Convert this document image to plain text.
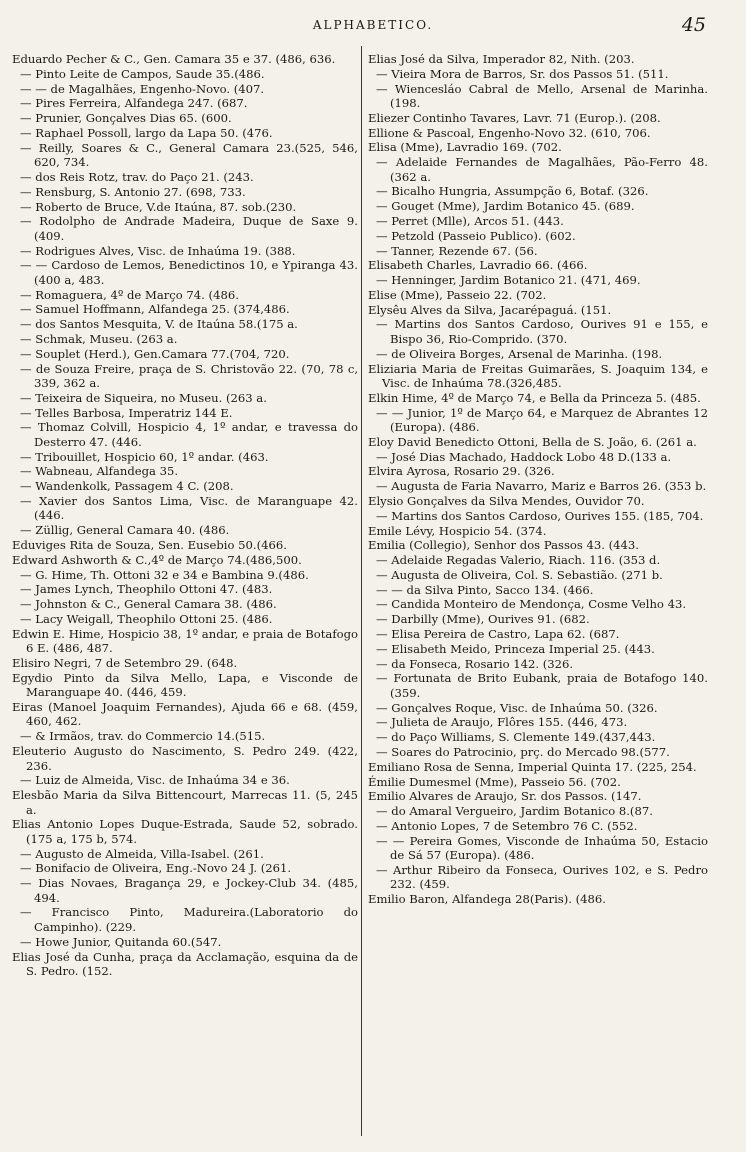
ALPHABETICO.	45

Eduardo Pecher & C., Gen. Camara 35 e 37. (486, 636.

— Pinto Leite de Campos, Saude 35.(486.

— — de Magalhães, Engenho-Novo. (407.

— Pires Ferreira, Alfandega 247. (687.

— Prunier, Gonçalves Dias 65. (600.

— Raphael Possoll, largo da Lapa 50. (476.

— Reilly, Soares & C., General Camara 23.(525, 546, 620, 734.

— dos Reis Rotz, trav. do Paço 21. (243.

— Rensburg, S. Antonio 27. (698, 733.

— Roberto de Bruce, V.de Itaúna, 87. sob.(230.

— Rodolpho de Andrade Madeira, Duque de Saxe 9. (409.

— Rodrigues Alves, Visc. de Inhaúma 19. (388.

— — Cardoso de Lemos, Benedictinos 10, e Ypiranga 43. (400 a, 483.

— Romaguera, 4º de Março 74. (486.

— Samuel Hoffmann, Alfandega 25. (374,486.

— dos Santos Mesquita, V. de Itaúna 58.(175 a.

— Schmak, Museu. (263 a.

— Souplet (Herd.), Gen.Camara 77.(704, 720.

— de Souza Freire, praça de S. Christovão 22. (70, 78 c, 339, 362 a.

— Teixeira de Siqueira, no Museu. (263 a.

— Telles Barbosa, Imperatriz 144 E.

— Thomaz Colvill, Hospicio 4, 1º andar, e travessa do Desterro 47. (446.

— Tribouillet, Hospicio 60, 1º andar. (463.

— Wabneau, Alfandega 35.

— Wandenkolk, Passagem 4 C. (208.

— Xavier dos Santos Lima, Visc. de Maranguape 42. (446.

— Züllig, General Camara 40. (486.

Eduviges Rita de Souza, Sen. Eusebio 50.(466.

Edward Ashworth & C.,4º de Março 74.(486,500.

— G. Hime, Th. Ottoni 32 e 34 e Bambina 9.(486.

— James Lynch, Theophilo Ottoni 47. (483.

— Johnston & C., General Camara 38. (486.

— Lacy Weigall, Theophilo Ottoni 25. (486.

Edwin E. Hime, Hospicio 38, 1º andar, e praia de Botafogo 6 E. (486, 487.

Elisiro Negri, 7 de Setembro 29. (648.

Egydio Pinto da Silva Mello, Lapa, e Visconde de Maranguape 40. (446, 459.

Eiras (Manoel Joaquim Fernandes), Ajuda 66 e 68. (459, 460, 462.

— & Irmãos, trav. do Commercio 14.(515.

Eleuterio Augusto do Nascimento, S. Pedro 249. (422, 236.

— Luiz de Almeida, Visc. de Inhaúma 34 e 36.

Elesbão Maria da Silva Bittencourt, Marrecas 11. (5, 245 a.

Elias Antonio Lopes Duque-Estrada, Saude 52, sobrado. (175 a, 175 b, 574.

— Augusto de Almeida, Villa-Isabel. (261.

— Bonifacio de Oliveira, Eng.-Novo 24 J. (261.

— Dias Novaes, Bragança 29, e Jockey-Club 34. (485, 494.

— Francisco Pinto, Madureira.(Laboratorio do Campinho). (229.

— Howe Junior, Quitanda 60.(547.

Elias José da Cunha, praça da Acclamação, esquina da de S. Pedro. (152.

Elias José da Silva, Imperador 82, Nith. (203.

— Vieira Mora de Barros, Sr. dos Passos 51. (511.

— Wiencesláo Cabral de Mello, Arsenal de Marinha. (198.

Eliezer Continho Tavares, Lavr. 71 (Europ.). (208.

Ellione & Pascoal, Engenho-Novo 32. (610, 706.

Elisa (Mme), Lavradio 169. (702.

— Adelaide Fernandes de Magalhães, Pão-Ferro 48. (362 a.

— Bicalho Hungria, Assumpção 6, Botaf. (326.

— Gouget (Mme), Jardim Botanico 45. (689.

— Perret (Mlle), Arcos 51. (443.

— Petzold (Passeio Publico). (602.

— Tanner, Rezende 67. (56.

Elisabeth Charles, Lavradio 66. (466.

— Henninger, Jardim Botanico 21. (471, 469.

Elise (Mme), Passeio 22. (702.

Elysêu Alves da Silva, Jacarépaguá. (151.

— Martins dos Santos Cardoso, Ourives 91 e 155, e Bispo 36, Rio-Comprido. (370.

— de Oliveira Borges, Arsenal de Marinha. (198.

Eliziaria Maria de Freitas Guimarães, S. Joaquim 134, e Visc. de Inhaúma 78.(326,485.

Elkin Hime, 4º de Março 74, e Bella da Princeza 5. (485.

— — Junior, 1º de Março 64, e Marquez de Abrantes 12 (Europa). (486.

Eloy David Benedicto Ottoni, Bella de S. João, 6. (261 a.

— José Dias Machado, Haddock Lobo 48 D.(133 a.

Elvira Ayrosa, Rosario 29. (326.

— Augusta de Faria Navarro, Mariz e Barros 26. (353 b.

Elysio Gonçalves da Silva Mendes, Ouvidor 70.

— Martins dos Santos Cardoso, Ourives 155. (185, 704.

Emile Lévy, Hospicio 54. (374.

Emilia (Collegio), Senhor dos Passos 43. (443.

— Adelaide Regadas Valerio, Riach. 116. (353 d.

— Augusta de Oliveira, Col. S. Sebastião. (271 b.

— — da Silva Pinto, Sacco 134. (466.

— Candida Monteiro de Mendonça, Cosme Velho 43.

— Darbilly (Mme), Ourives 91. (682.

— Elisa Pereira de Castro, Lapa 62. (687.

— Elisabeth Meido, Princeza Imperial 25. (443.

— da Fonseca, Rosario 142. (326.

— Fortunata de Brito Eubank, praia de Botafogo 140. (359.

— Gonçalves Roque, Visc. de Inhaúma 50. (326.

— Julieta de Araujo, Flôres 155. (446, 473.

— do Paço Williams, S. Clemente 149.(437,443.

— Soares do Patrocinio, prç. do Mercado 98.(577.

Emiliano Rosa de Senna, Imperial Quinta 17. (225, 254.

Émilie Dumesmel (Mme), Passeio 56. (702.

Emilio Alvares de Araujo, Sr. dos Passos. (147.

— do Amaral Vergueiro, Jardim Botanico 8.(87.

— Antonio Lopes, 7 de Setembro 76 C. (552.

— — Pereira Gomes, Visconde de Inhaúma 50, Estacio de Sá 57 (Europa). (486.

— Arthur Ribeiro da Fonseca, Ourives 102, e S. Pedro 232. (459.

Emilio Baron, Alfandega 28(Paris). (486.
